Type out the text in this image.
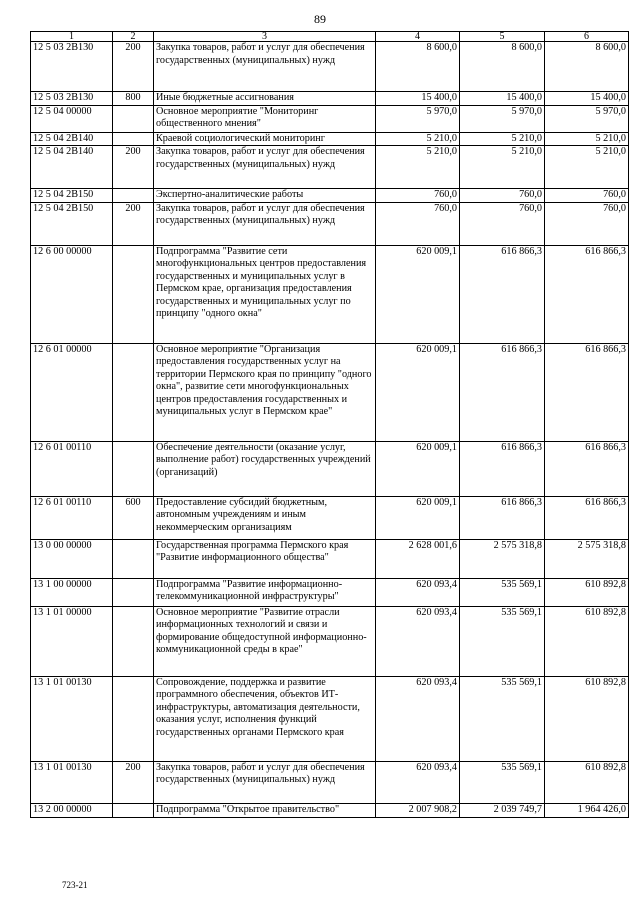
89
1	2	3	4	5	6
12 5 03 2В130	200	Закупка товаров, работ и услуг для обеспечения государственных (муниципальных) нужд	8 600,0	8 600,0	8 600,0
12 5 03 2В130	800	Иные бюджетные ассигнования	15 400,0	15 400,0	15 400,0
12 5 04 00000		Основное мероприятие "Мониторинг общественного мнения"	5 970,0	5 970,0	5 970,0
12 5 04 2В140		Краевой социологический мониторинг	5 210,0	5 210,0	5 210,0
12 5 04 2В140	200	Закупка товаров, работ и услуг для обеспечения государственных (муниципальных) нужд	5 210,0	5 210,0	5 210,0
12 5 04 2В150		Экспертно-аналитические работы	760,0	760,0	760,0
12 5 04 2В150	200	Закупка товаров, работ и услуг для обеспечения государственных (муниципальных) нужд	760,0	760,0	760,0
12 6 00 00000		Подпрограмма "Развитие сети многофункциональных центров предоставления государственных и муниципальных услуг в Пермском крае, организация предоставления государственных и муниципальных услуг по принципу "одного окна"	620 009,1	616 866,3	616 866,3
12 6 01 00000		Основное мероприятие "Организация предоставления государственных услуг на территории Пермского края по принципу "одного окна", развитие сети многофункциональных центров предоставления государственных и муниципальных услуг в Пермском крае"	620 009,1	616 866,3	616 866,3
12 6 01 00110		Обеспечение деятельности (оказание услуг, выполнение работ) государственных учреждений (организаций)	620 009,1	616 866,3	616 866,3
12 6 01 00110	600	Предоставление субсидий бюджетным, автономным учреждениям и иным некоммерческим организациям	620 009,1	616 866,3	616 866,3
13 0 00 00000		Государственная программа Пермского края "Развитие информационного общества"	2 628 001,6	2 575 318,8	2 575 318,8
13 1 00 00000		Подпрограмма "Развитие информационно-телекоммуникационной инфраструктуры"	620 093,4	535 569,1	610 892,8
13 1 01 00000		Основное мероприятие "Развитие отрасли информационных технологий и связи и формирование общедоступной информационно-коммуникационной среды в крае"	620 093,4	535 569,1	610 892,8
13 1 01 00130		Сопровождение, поддержка и развитие программного обеспечения, объектов ИТ-инфраструктуры, автоматизация деятельности, оказания услуг, исполнения функций государственных органами Пермского края	620 093,4	535 569,1	610 892,8
13 1 01 00130	200	Закупка товаров, работ и услуг для обеспечения государственных (муниципальных) нужд	620 093,4	535 569,1	610 892,8
13 2 00 00000		Подпрограмма "Открытое правительство"	2 007 908,2	2 039 749,7	1 964 426,0
723-21
